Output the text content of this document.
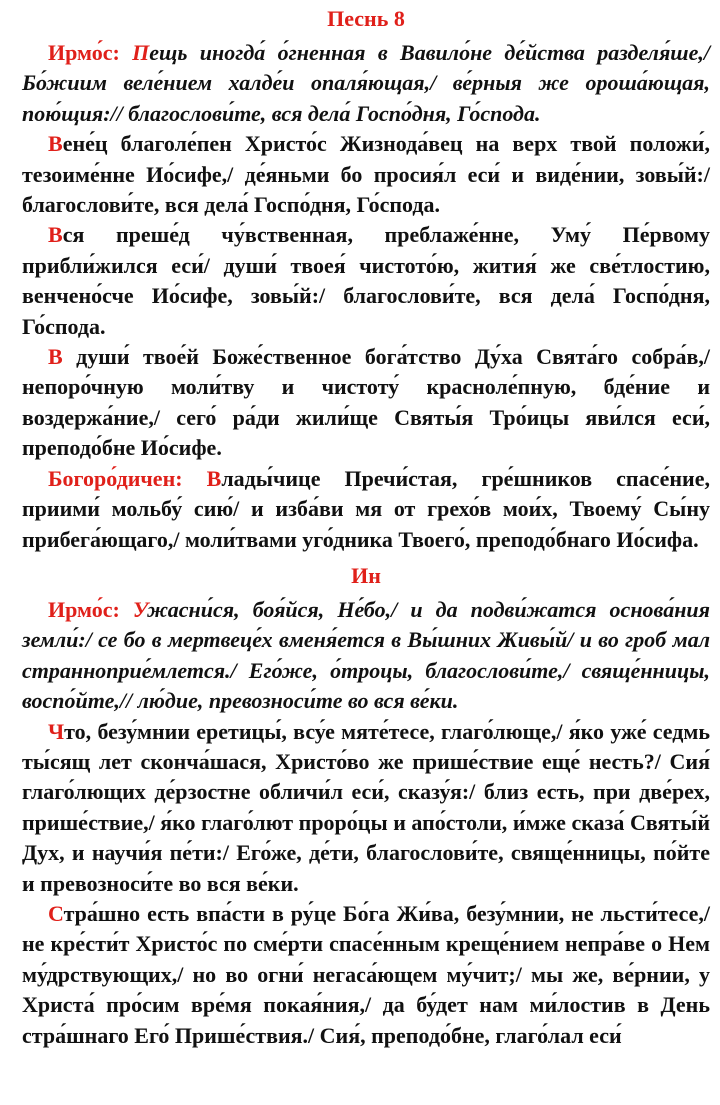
Песнь 8

Ирмо́с: Пещь иногда́ о́гненная в Вавило́не де́йства разделя́ше,/ Бо́жиим веле́нием халде́и опаля́ющая,/ ве́рныя же ороша́ющая, пою́щия:// благослови́те, вся дела́ Госпо́дня, Го́спода.

Вене́ц благоле́пен Христо́с Жизнода́вец на верх твой положи́, тезоиме́нне Ио́сифе,/ де́яньми бо просия́л еси́ и виде́нии, зовы́й:/ благослови́те, вся дела́ Госпо́дня, Го́спода.

Вся преше́д чу́вственная, преблаже́нне, Уму́ Пе́рвому прибли́жился еси́/ души́ твоея́ чистото́ю, жития́ же све́тлостию, венчено́сче Ио́сифе, зовы́й:/ благослови́те, вся дела́ Госпо́дня, Го́спода.

В души́ твое́й Боже́ственное бога́тство Ду́ха Свята́го собра́в,/ непоро́чную моли́тву и чистоту́ красноле́пную, бде́ние и воздержа́ние,/ сего́ ра́ди жили́ще Святы́я Тро́ицы яви́лся еси́, преподо́бне Ио́сифе.

Богоро́дичен: Влады́чице Пречи́стая, гре́шников спасе́ние, приими́ мольбу́ сию́/ и изба́ви мя от грехо́в мои́х, Твоему́ Сы́ну прибега́ющаго,/ моли́твами уго́дника Твоего́, преподо́бнаго Ио́сифа.

Ин

Ирмо́с: Ужасни́ся, боя́йся, Не́бо,/ и да подви́жатся основа́ния земли́:/ се бо в мертвеце́х вменя́ется в Вы́шних Живы́й/ и во гроб мал странноприе́млется./ Его́же, о́троцы, благослови́те,/ свяще́нницы, воспо́йте,// лю́дие, превозноси́те во вся ве́ки.

Что, безу́мнии еретицы́, всу́е мяте́тесе, глаго́люще,/ я́ко уже́ седмь ты́сящ лет сконча́шася, Христо́во же прише́ствие еще́ несть?/ Сия́ глаго́лющих де́рзостне обличи́л еси́, сказу́я:/ близ есть, при две́рех, прише́ствие,/ я́ко глаго́лют проро́цы и апо́столи, и́мже сказа́ Святы́й Дух, и научи́я пе́ти:/ Его́же, де́ти, благослови́те, свяще́нницы, по́йте и превозноси́те во вся ве́ки.

Стра́шно есть впа́сти в ру́це Бо́га Жи́ва, безу́мнии, не льсти́тесе,/ не кре́сти́т Христо́с по сме́рти спасе́нным креще́нием непра́ве о Нем му́дрствующих,/ но во огни́ негаса́ющем му́чит;/ мы же, ве́рнии, у Христа́ про́сим вре́мя покая́ния,/ да бу́дет нам ми́лостив в День стра́шнаго Его́ Прише́ствия./ Сия́, преподо́бне, глаго́лал еси́
